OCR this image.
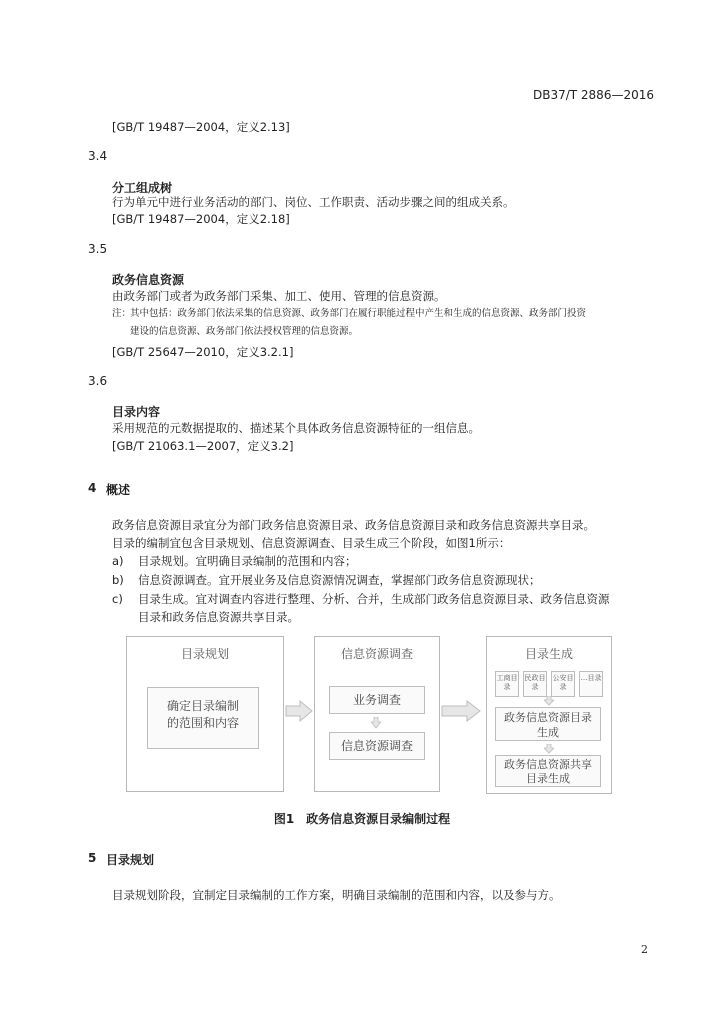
DB37/T 2886—2016
[GB/T 19487—2004，定义2.13]
3.4
分工组成树
行为单元中进行业务活动的部门、岗位、工作职责、活动步骤之间的组成关系。
[GB/T 19487—2004，定义2.18]
3.5
政务信息资源
由政务部门或者为政务部门采集、加工、使用、管理的信息资源。
注：
其中包括：政务部门依法采集的信息资源、政务部门在履行职能过程中产生和生成的信息资源、政务部门投资
建设的信息资源、政务部门依法授权管理的信息资源。
[GB/T 25647—2010，定义3.2.1]
3.6
目录内容
采用规范的元数据提取的、描述某个具体政务信息资源特征的一组信息。
[GB/T 21063.1—2007，定义3.2]
4 概述
政务信息资源目录宜分为部门政务信息资源目录、政务信息资源目录和政务信息资源共享目录。
目录的编制宜包含目录规划、信息资源调查、目录生成三个阶段，如图1所示：
a) 目录规划。宜明确目录编制的范围和内容；
b) 信息资源调查。宜开展业务及信息资源情况调查，掌握部门政务信息资源现状；
c) 目录生成。宜对调查内容进行整理、分析、合并，生成部门政务信息资源目录、政务信息资源
目录和政务信息资源共享目录。
目录规划
确定目录编制
的范围和内容
信息资源调查
业务调查
信息资源调查
目录生成
工商目录
民政目录
公安目录
…目录
政务信息资源目录
生成
政务信息资源共享
目录生成
图1　政务信息资源目录编制过程
5 目录规划
目录规划阶段，宜制定目录编制的工作方案，明确目录编制的范围和内容，以及参与方。
2
